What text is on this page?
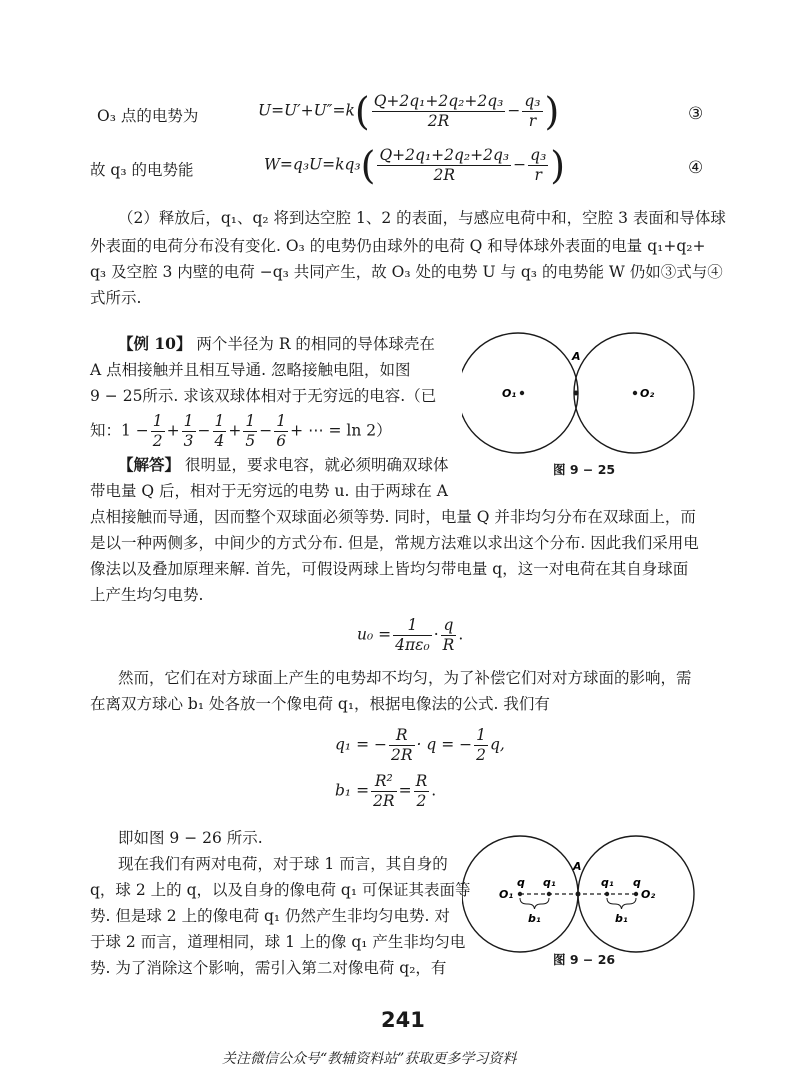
O₃ 点的电势为	$U=U'+U''=k( \frac{\text{Q+2q₁+2q₂+2q₃}}{2R} - \frac{\text{q₃}}{r}$ )	③
故 q₃ 的电势能	$W=q_3U=kq_3( \frac{\text{Q+2q₁+2q₂+2q₃}}{2R} - \frac{\text{q₃}}{r}$ )	④
（2）释放后，q₁、q₂ 将到达空腔 1、2 的表面，与感应电荷中和，空腔 3 表面和导体球
外表面的电荷分布没有变化. O₃ 的电势仍由球外的电荷 Q 和导体球外表面的电量 q₁+q₂+
q₃ 及空腔 3 内壁的电荷 −q₃ 共同产生，故 O₃ 处的电势 U 与 q₃ 的电势能 W 仍如③式与④
式所示.
【例 10】 两个半径为 R 的相同的导体球壳在
A 点相接触并且相互导通. 忽略接触电阻，如图
9 − 25所示. 求该双球体相对于无穷远的电容.（已
知：$1 - \frac{1}{2} + \frac{1}{3} - \frac{1}{4} + \frac{1}{5} - \frac{1}{6}$ + ⋯ = ln 2）
A
O₁	O₂
图 9 − 25
【解答】 很明显，要求电容，就必须明确双球体
带电量 Q 后，相对于无穷远的电势 u. 由于两球在 A
点相接触而导通，因而整个双球面必须等势. 同时，电量 Q 并非均匀分布在双球面上，而
是以一种两侧多，中间少的方式分布. 但是，常规方法难以求出这个分布. 因此我们采用电
像法以及叠加原理来解. 首先，可假设两球上皆均匀带电量 q，这一对电荷在其自身球面
上产生均匀电势.
$u_0 = \frac{1}{\text{4πε₀}} \cdot \frac{q}{R}$ .
然而，它们在对方球面上产生的电势却不均匀，为了补偿它们对对方球面的影响，需
在离双方球心 b₁ 处各放一个像电荷 q₁，根据电像法的公式. 我们有
q₁ = − $\frac{R}{2R} \cdot q$ = − $\frac{1}{2} q$,
$b_1 = \frac{\text{R²}}{2R} = \frac{R}{2}$ .
即如图 9 − 26 所示.
现在我们有两对电荷，对于球 1 而言，其自身的
q，球 2 上的 q，以及自身的像电荷 q₁ 可保证其表面等
势. 但是球 2 上的像电荷 q₁ 仍然产生非均匀电势. 对
于球 2 而言，道理相同，球 1 上的像 q₁ 产生非均匀电
势. 为了消除这个影响，需引入第二对像电荷 q₂，有
A
O₁	O₂
q q₁	q₁ q
b₁	b₁
图 9 − 26
241
关注微信公众号“教辅资料站”获取更多学习资料
